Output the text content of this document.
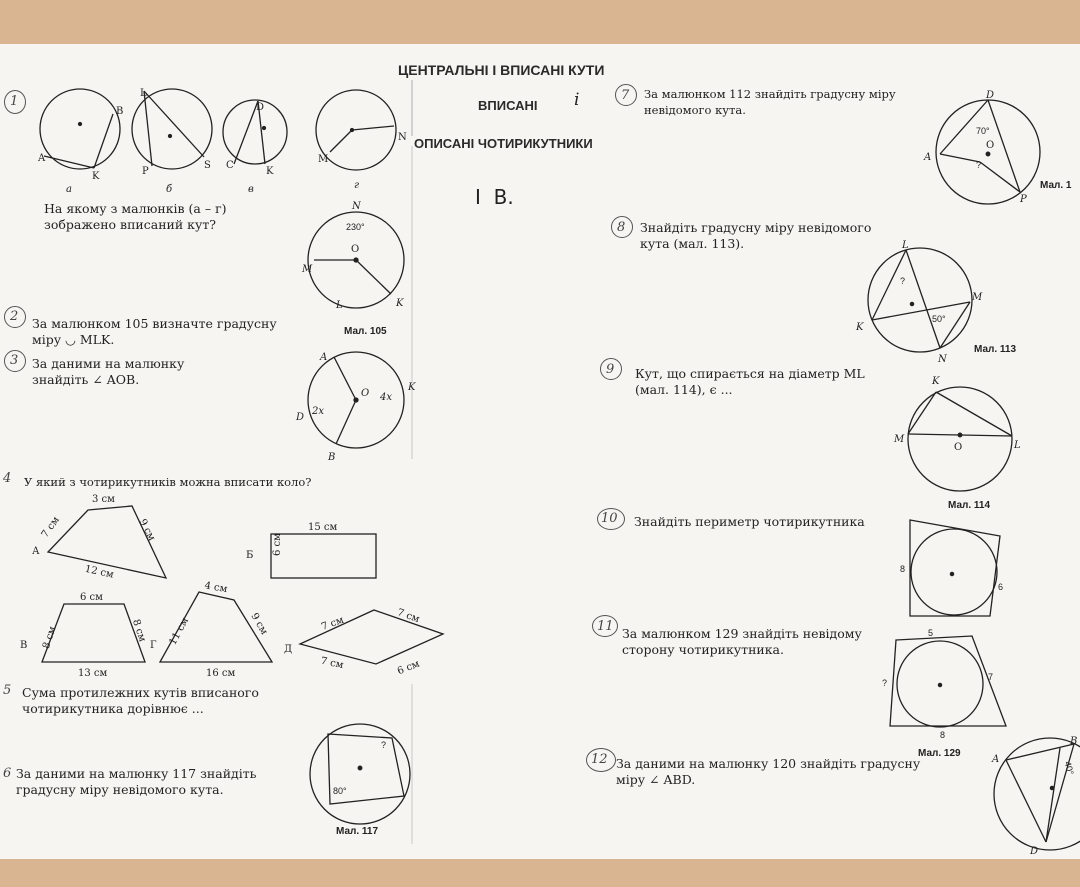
ЦЕНТРАЛЬНІ І ВПИСАНІ КУТИ
ВПИСАНІ і
ОПИСАНІ ЧОТИРИКУТНИКИ
I  B.
1
2
3
4
5
6
7
8
9
10
11
12
На якому з малюнків (а – г) зображено вписаний кут?
За малюнком 105 визначте градусну міру ◡ MLK.
За даними на малюнку знайдіть ∠ AOB.
У який з чотирикутників можна вписати коло?
Сума протилежних кутів вписаного чотирикутника дорівнює ...
За даними на малюнку 117 знайдіть градусну міру невідомого кута.
За малюнком 112 знайдіть градусну міру невідомого кута.
Знайдіть градусну міру невідомого кута (мал. 113).
Кут, що спирається на діаметр ML (мал. 114), є ...
Знайдіть периметр чотирикутника
За малюнком 129 знайдіть невідому сторону чотирикутника.
За даними на малюнку 120 знайдіть градусну міру ∠ ABD.
B
A
K
L
P
S
D
C
K
M
N
а	б	в	г
N
230°
M
L	K
O
Мал. 105
A
O
K
D
B
2x
4x
А
3 см
7 см	9 см
12 см
Б
15 см
6 см
В
6 см
8 см	8 см
13 см
Г
4 см
11 см	9 см
16 см
Д
7 см	7 см
7 см	6 см
?
80°
Мал. 117
D
A
O
P
70°
?
Мал. 1
L
M
K
N
50°
?
Мал. 113
K
M
O	L
Мал. 114
8
6
5
7
8
?
Мал. 129
A
B
D
40°
